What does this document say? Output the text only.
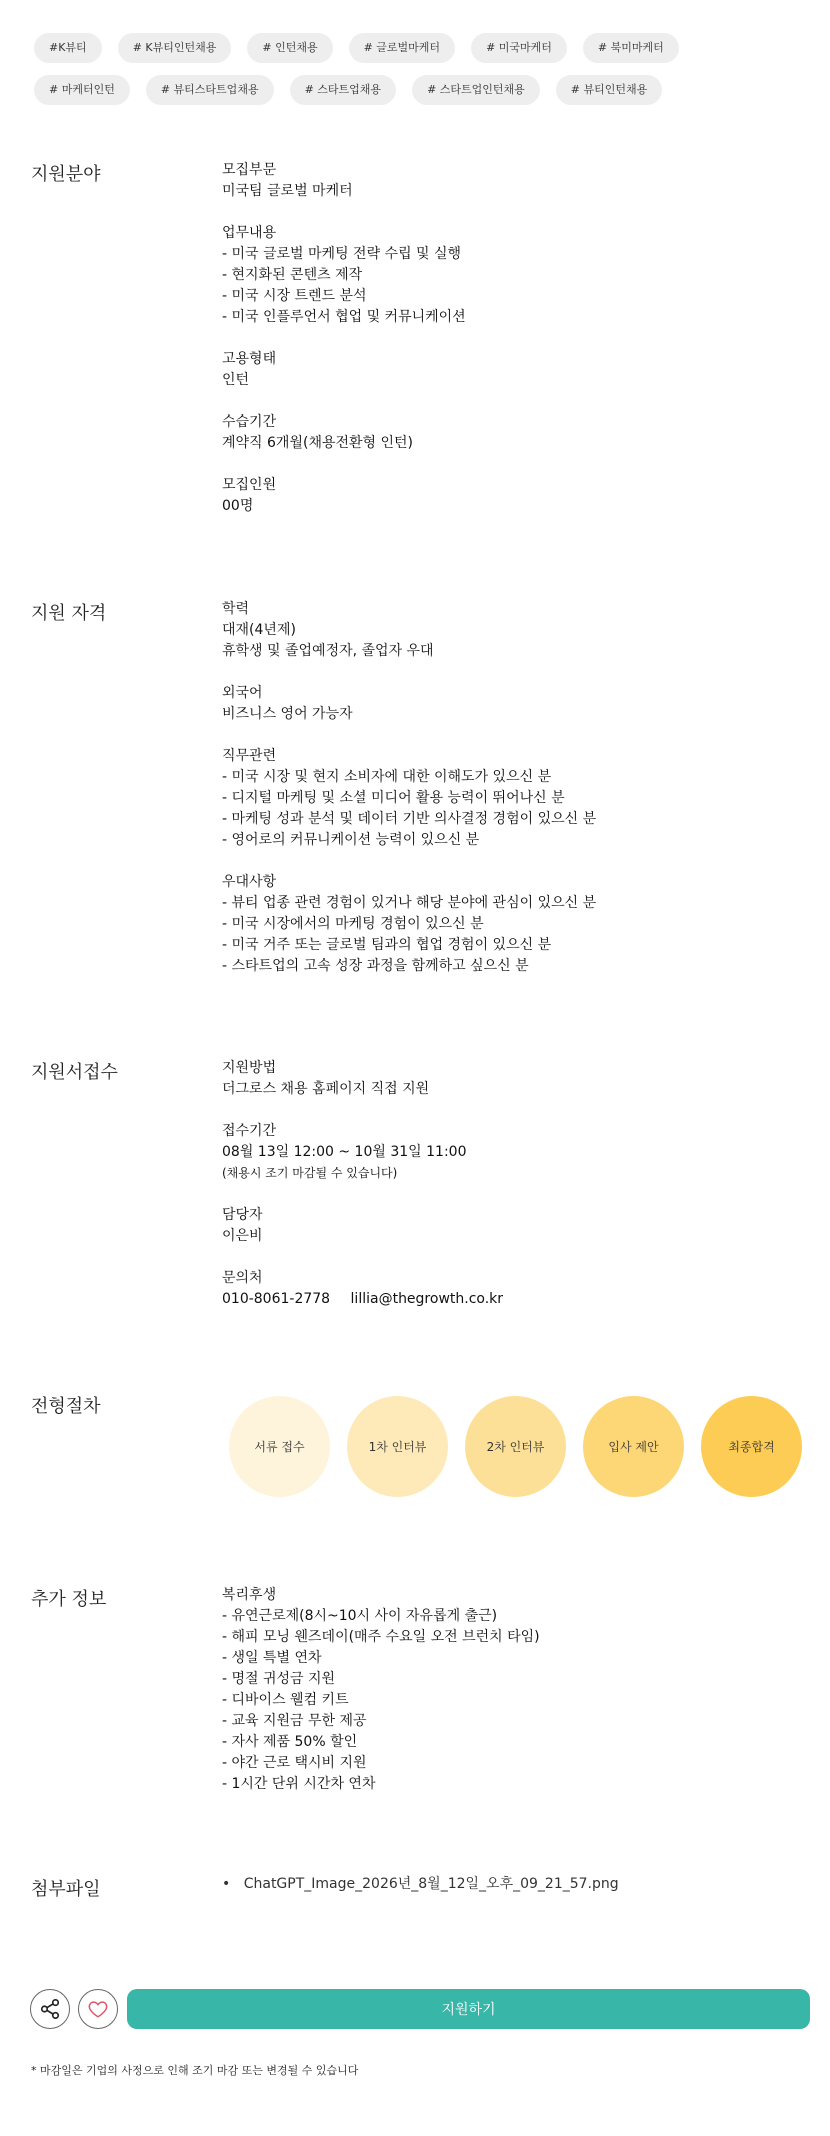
#K뷰티	# K뷰티인턴채용	# 인턴채용	# 글로벌마케터	# 미국마케터	# 북미마케터
# 마케터인턴	# 뷰티스타트업채용	# 스타트업채용	# 스타트업인턴채용	# 뷰티인턴채용
지원분야	모집부문
미국팀 글로벌 마케터
업무내용
- 미국 글로벌 마케팅 전략 수립 및 실행
- 현지화된 콘텐츠 제작
- 미국 시장 트렌드 분석
- 미국 인플루언서 협업 및 커뮤니케이션
고용형태
인턴
수습기간
계약직 6개월(채용전환형 인턴)
모집인원
00명
지원 자격	학력
대재(4년제)
휴학생 및 졸업예정자, 졸업자 우대
외국어
비즈니스 영어 가능자
직무관련
- 미국 시장 및 현지 소비자에 대한 이해도가 있으신 분
- 디지털 마케팅 및 소셜 미디어 활용 능력이 뛰어나신 분
- 마케팅 성과 분석 및 데이터 기반 의사결정 경험이 있으신 분
- 영어로의 커뮤니케이션 능력이 있으신 분
우대사항
- 뷰티 업종 관련 경험이 있거나 해당 분야에 관심이 있으신 분
- 미국 시장에서의 마케팅 경험이 있으신 분
- 미국 거주 또는 글로벌 팀과의 협업 경험이 있으신 분
- 스타트업의 고속 성장 과정을 함께하고 싶으신 분
지원서접수	지원방법
더그로스 채용 홈페이지 직접 지원
접수기간
08월 13일 12:00 ~ 10월 31일 11:00
(채용시 조기 마감될 수 있습니다)
담당자
이은비
문의처
010-8061-2778 lillia@thegrowth.co.kr
전형절차
서류 접수	1차 인터뷰	2차 인터뷰	입사 제안	최종합격
추가 정보	복리후생
- 유연근로제(8시~10시 사이 자유롭게 출근)
- 해피 모닝 웬즈데이(매주 수요일 오전 브런치 타임)
- 생일 특별 연차
- 명절 귀성금 지원
- 디바이스 웰컴 키트
- 교육 지원금 무한 제공
- 자사 제품 50% 할인
- 야간 근로 택시비 지원
- 1시간 단위 시간차 연차
첨부파일	• ChatGPT_Image_2026년_8월_12일_오후_09_21_57.png
지원하기
* 마감일은 기업의 사정으로 인해 조기 마감 또는 변경될 수 있습니다
